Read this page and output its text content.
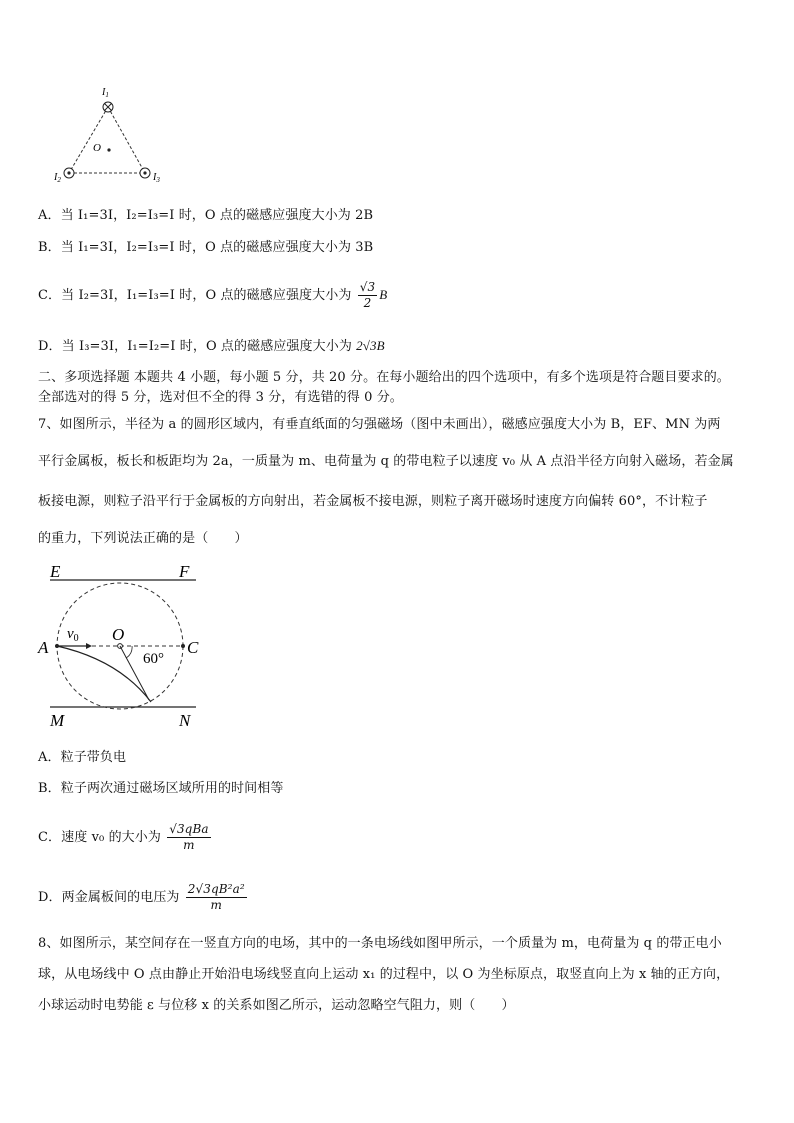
$I_1$
$I_2$	$I_3$
O
A．当 I₁=3I，I₂=I₃=I 时，O 点的磁感应强度大小为 2B
B．当 I₁=3I，I₂=I₃=I 时，O 点的磁感应强度大小为 3B
C．当 I₂=3I，I₁=I₃=I 时，O 点的磁感应强度大小为 $\frac{√3}{2}$ B
D．当 I₃=3I，I₁=I₂=I 时，O 点的磁感应强度大小为 2√3B
二、多项选择题 本题共 4 小题，每小题 5 分，共 20 分。在每小题给出的四个选项中，有多个选项是符合题目要求的。
全部选对的得 5 分，选对但不全的得 3 分，有选错的得 0 分。
7、如图所示，半径为 a 的圆形区域内，有垂直纸面的匀强磁场（图中未画出），磁感应强度大小为 B，EF、MN 为两
平行金属板，板长和板距均为 2a，一质量为 m、电荷量为 q 的带电粒子以速度 v₀ 从 A 点沿半径方向射入磁场，若金属
板接电源，则粒子沿平行于金属板的方向射出，若金属板不接电源，则粒子离开磁场时速度方向偏转 60°，不计粒子
的重力，下列说法正确的是（　　）
E	F
A	C
O
$v_0$
60°
M	N
A．粒子带负电
B．粒子两次通过磁场区域所用的时间相等
C．速度 v₀ 的大小为 $\frac{\text{√3qBa}}{m}$
D．两金属板间的电压为 $\frac{\text{2√3qB²a²}}{m}$
8、如图所示，某空间存在一竖直方向的电场，其中的一条电场线如图甲所示，一个质量为 m，电荷量为 q 的带正电小
球，从电场线中 O 点由静止开始沿电场线竖直向上运动 x₁ 的过程中，以 O 为坐标原点，取竖直向上为 x 轴的正方向，
小球运动时电势能 ε 与位移 x 的关系如图乙所示，运动忽略空气阻力，则（　　）
